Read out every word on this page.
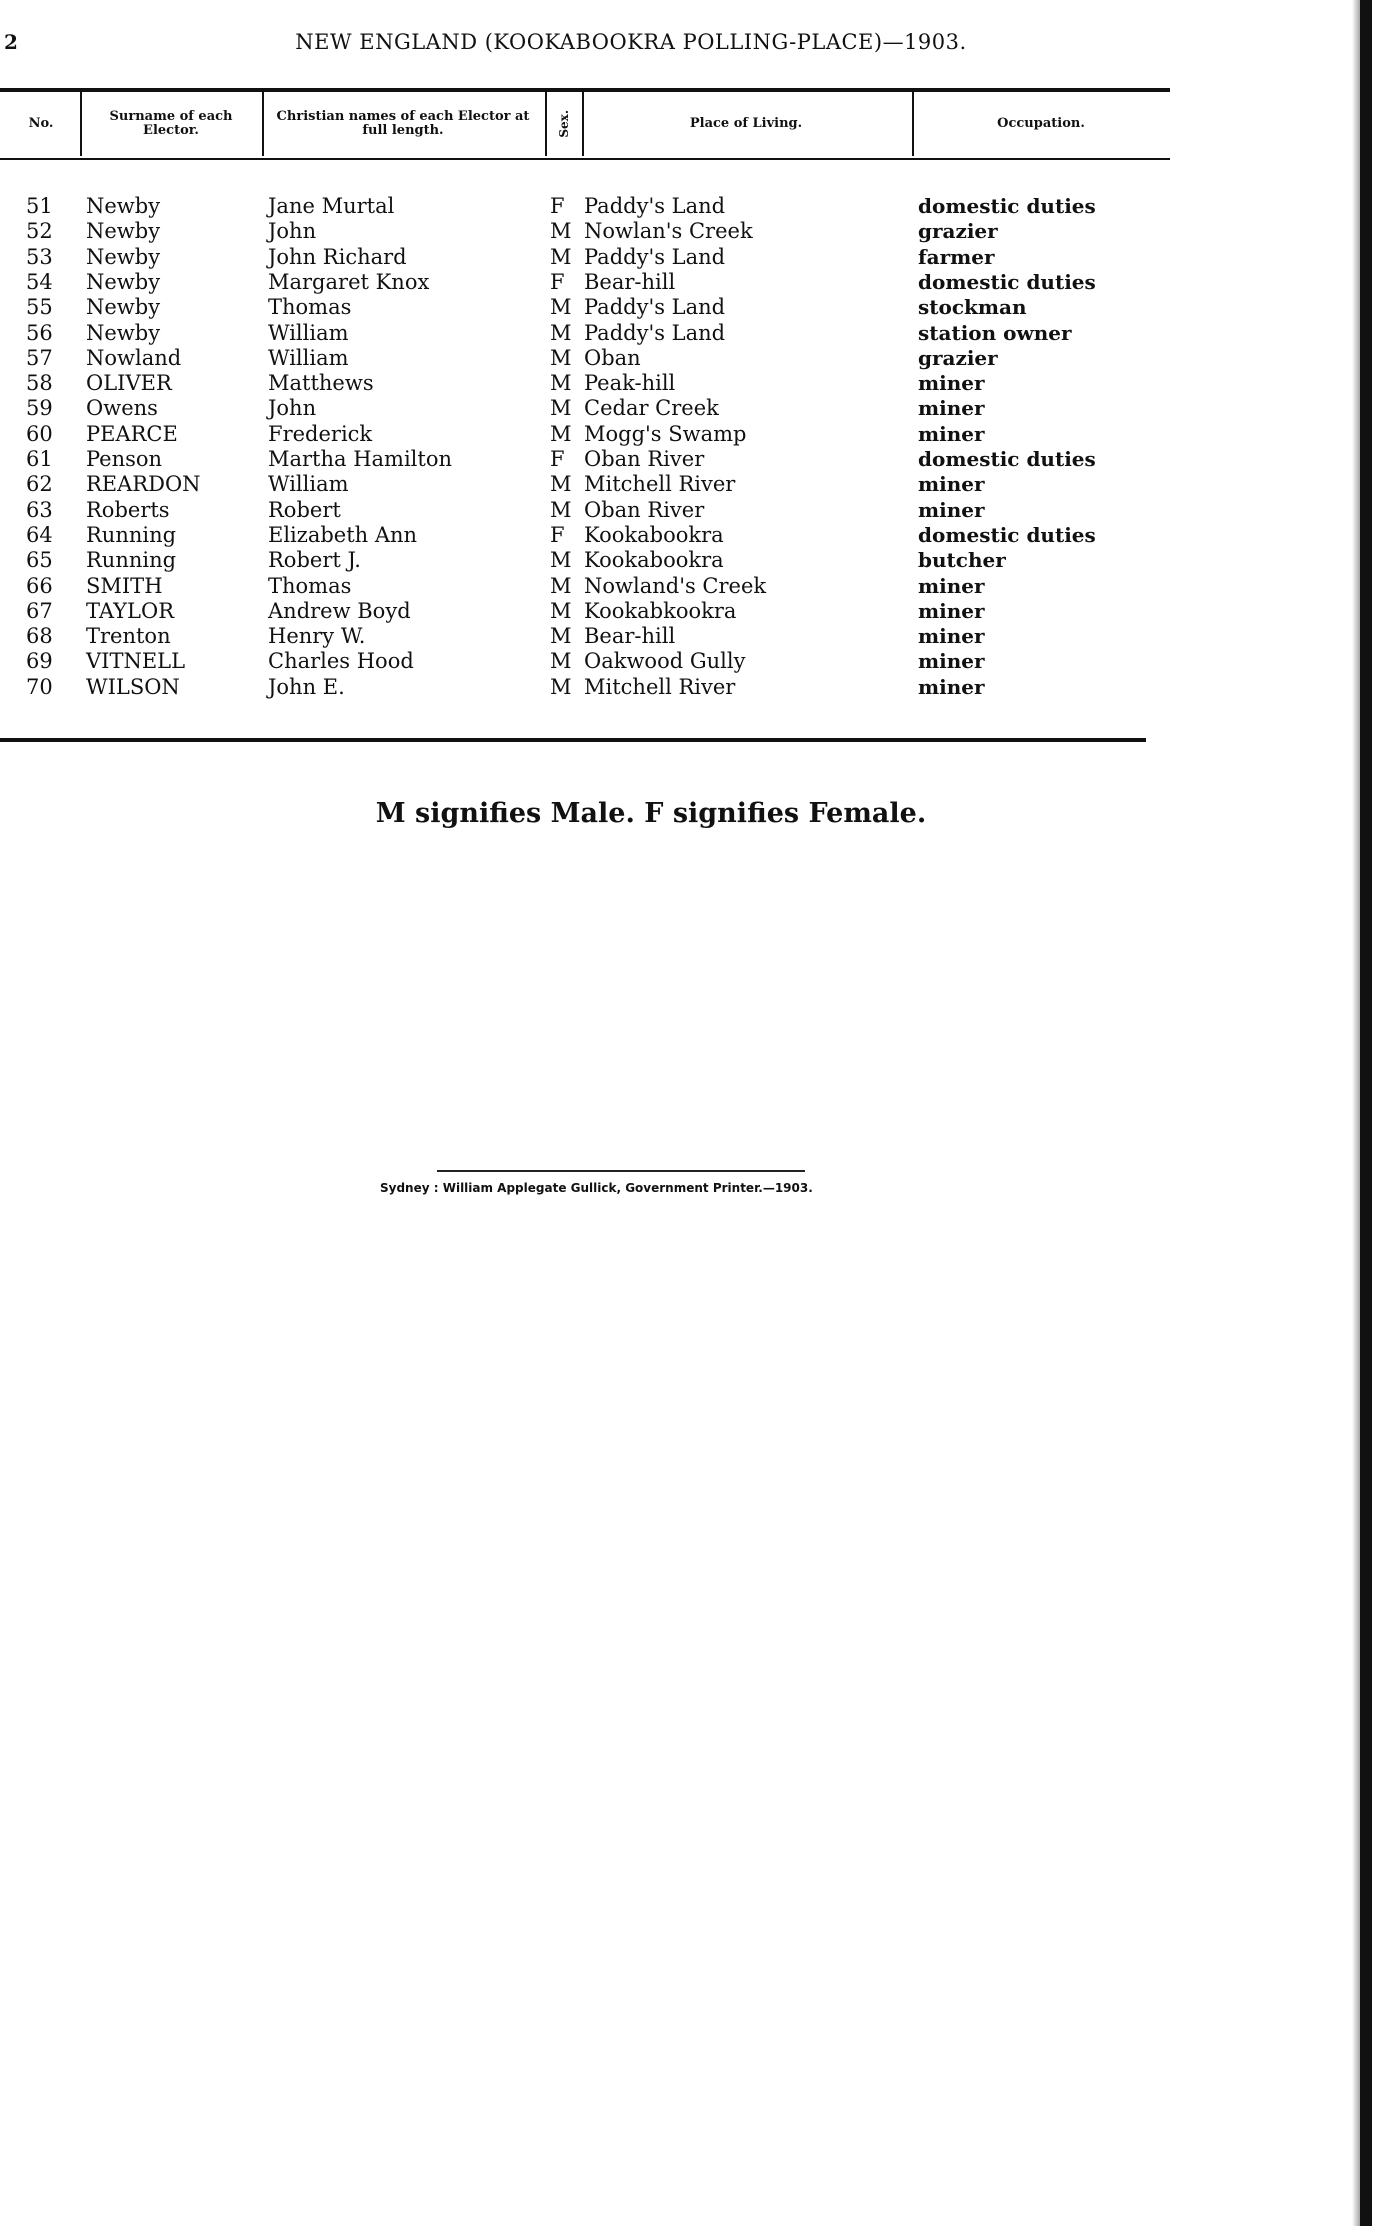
2	NEW ENGLAND (KOOKABOOKRA POLLING-PLACE)—1903.
No.	Surname of each Elector.
Christian names of each Elector at full length.	Sex.	Place of Living.	Occupation.
51 Newby	Jane Murtal	F Paddy's Land	domestic duties
52 Newby	John	M Nowlan's Creek	grazier
53 Newby	John Richard	M Paddy's Land	farmer
54 Newby	Margaret Knox	F Bear-hill	domestic duties
55 Newby	Thomas	M Paddy's Land	stockman
56 Newby	William	M Paddy's Land	station owner
57 Nowland	William	M Oban	grazier
58 OLIVER	Matthews	M Peak-hill	miner
59 Owens	John	M Cedar Creek	miner
60 PEARCE	Frederick	M Mogg's Swamp	miner
61 Penson	Martha Hamilton	F Oban River	domestic duties
62 REARDON	William	M Mitchell River	miner
63 Roberts	Robert	M Oban River	miner
64 Running	Elizabeth Ann	F Kookabookra	domestic duties
65 Running	Robert J.	M Kookabookra	butcher
66 SMITH	Thomas	M Nowland's Creek	miner
67 TAYLOR	Andrew Boyd	M Kookabkookra	miner
68 Trenton	Henry W.	M Bear-hill	miner
69 VITNELL	Charles Hood	M Oakwood Gully	miner
70 WILSON	John E.	M Mitchell River	miner
M signifies Male. F signifies Female.
Sydney : William Applegate Gullick, Government Printer.—1903.
